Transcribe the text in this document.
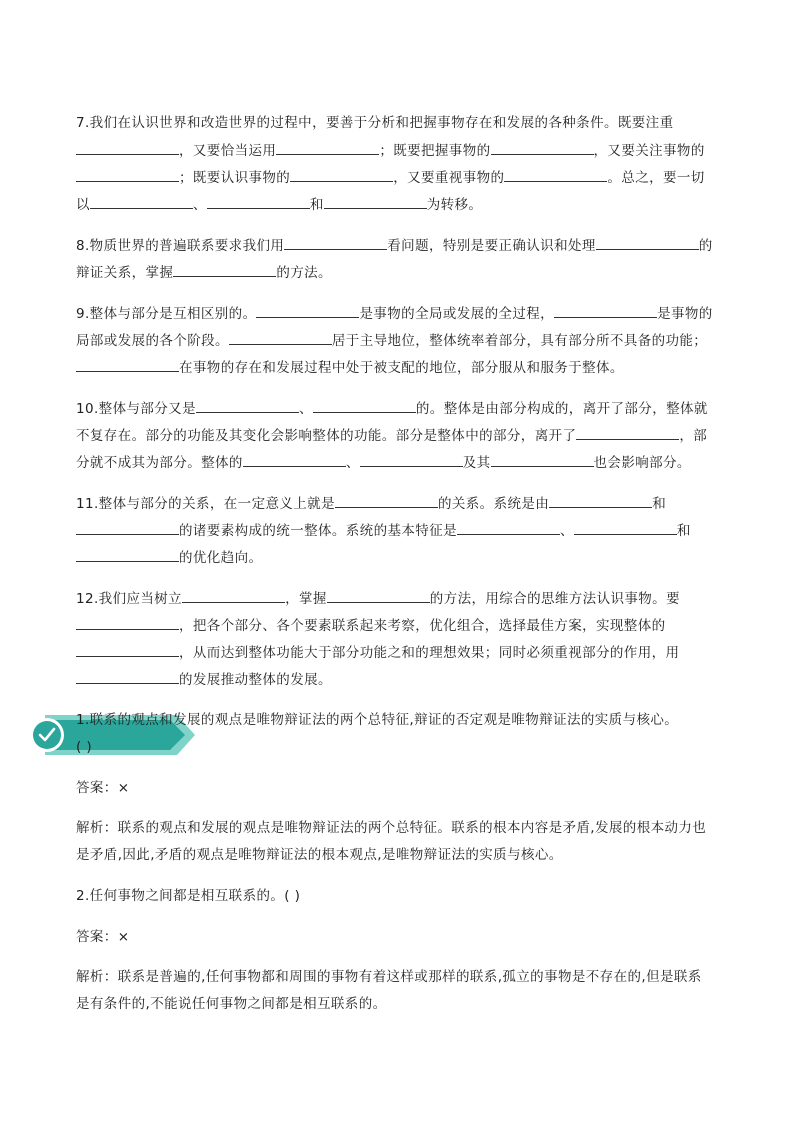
7.我们在认识世界和改造世界的过程中，要善于分析和把握事物存在和发展的各种条件。既要注重
，又要恰当运用	；既要把握事物的	，又要关注事物的
；既要认识事物的	，又要重视事物的	。总之，要一切
以	、	和	为转移。
8.物质世界的普遍联系要求我们用	看问题，特别是要正确认识和处理	的
辩证关系，掌握	的方法。
9.整体与部分是互相区别的。	是事物的全局或发展的全过程，	是事物的
局部或发展的各个阶段。	居于主导地位，整体统率着部分，具有部分所不具备的功能；
在事物的存在和发展过程中处于被支配的地位，部分服从和服务于整体。
10.整体与部分又是	、	的。整体是由部分构成的，离开了部分，整体就
不复存在。部分的功能及其变化会影响整体的功能。部分是整体中的部分，离开了	，部
分就不成其为部分。整体的	、	及其	也会影响部分。
11.整体与部分的关系，在一定意义上就是	的关系。系统是由	和
的诸要素构成的统一整体。系统的基本特征是	、	和
的优化趋向。
12.我们应当树立	，掌握	的方法，用综合的思维方法认识事物。要
，把各个部分、各个要素联系起来考察，优化组合，选择最佳方案，实现整体的
，从而达到整体功能大于部分功能之和的理想效果；同时必须重视部分的作用，用
的发展推动整体的发展。
1.联系的观点和发展的观点是唯物辩证法的两个总特征,辩证的否定观是唯物辩证法的实质与核心。
( )
答案：×
解析：联系的观点和发展的观点是唯物辩证法的两个总特征。联系的根本内容是矛盾,发展的根本动力也
是矛盾,因此,矛盾的观点是唯物辩证法的根本观点,是唯物辩证法的实质与核心。
2.任何事物之间都是相互联系的。( )
答案：×
解析：联系是普遍的,任何事物都和周围的事物有着这样或那样的联系,孤立的事物是不存在的,但是联系
是有条件的,不能说任何事物之间都是相互联系的。
